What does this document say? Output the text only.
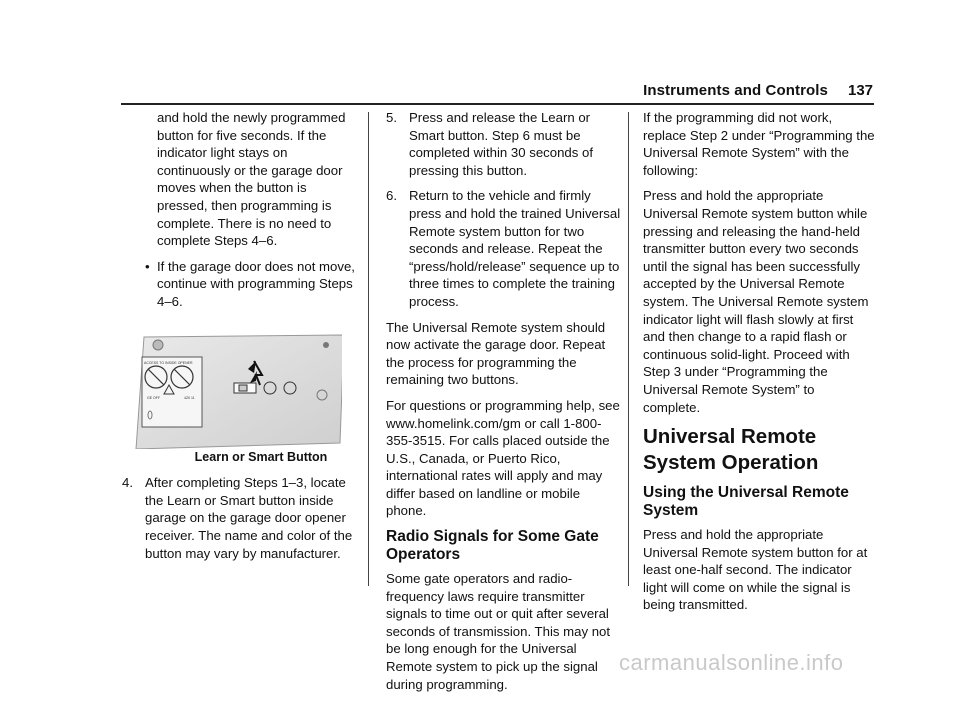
Instruments and Controls 137

and hold the newly programmed button for five seconds. If the indicator light stays on continuously or the garage door moves when the button is pressed, then programming is complete. There is no need to complete Steps 4–6.

• If the garage door does not move, continue with programming Steps 4–6.

ACCESS TO INSIDE OPENER
GE OFF	4Z0 11

Learn or Smart Button

4. After completing Steps 1–3, locate the Learn or Smart button inside garage on the garage door opener receiver. The name and color of the button may vary by manufacturer.

5. Press and release the Learn or Smart button. Step 6 must be completed within 30 seconds of pressing this button.

6. Return to the vehicle and firmly press and hold the trained Universal Remote system button for two seconds and release. Repeat the “press/hold/release” sequence up to three times to complete the training process.

The Universal Remote system should now activate the garage door. Repeat the process for programming the remaining two buttons.

For questions or programming help, see www.homelink.com/gm or call 1-800-355-3515. For calls placed outside the U.S., Canada, or Puerto Rico, international rates will apply and may differ based on landline or mobile phone.

Radio Signals for Some Gate Operators

Some gate operators and radio-frequency laws require transmitter signals to time out or quit after several seconds of transmission. This may not be long enough for the Universal Remote system to pick up the signal during programming.

If the programming did not work, replace Step 2 under “Programming the Universal Remote System” with the following:

Press and hold the appropriate Universal Remote system button while pressing and releasing the hand-held transmitter button every two seconds until the signal has been successfully accepted by the Universal Remote system. The Universal Remote system indicator light will flash slowly at first and then change to a rapid flash or continuous solid-light. Proceed with Step 3 under “Programming the Universal Remote System” to complete.

Universal Remote System Operation
Using the Universal Remote System

Press and hold the appropriate Universal Remote system button for at least one-half second. The indicator light will come on while the signal is being transmitted.

carmanualsonline.info
